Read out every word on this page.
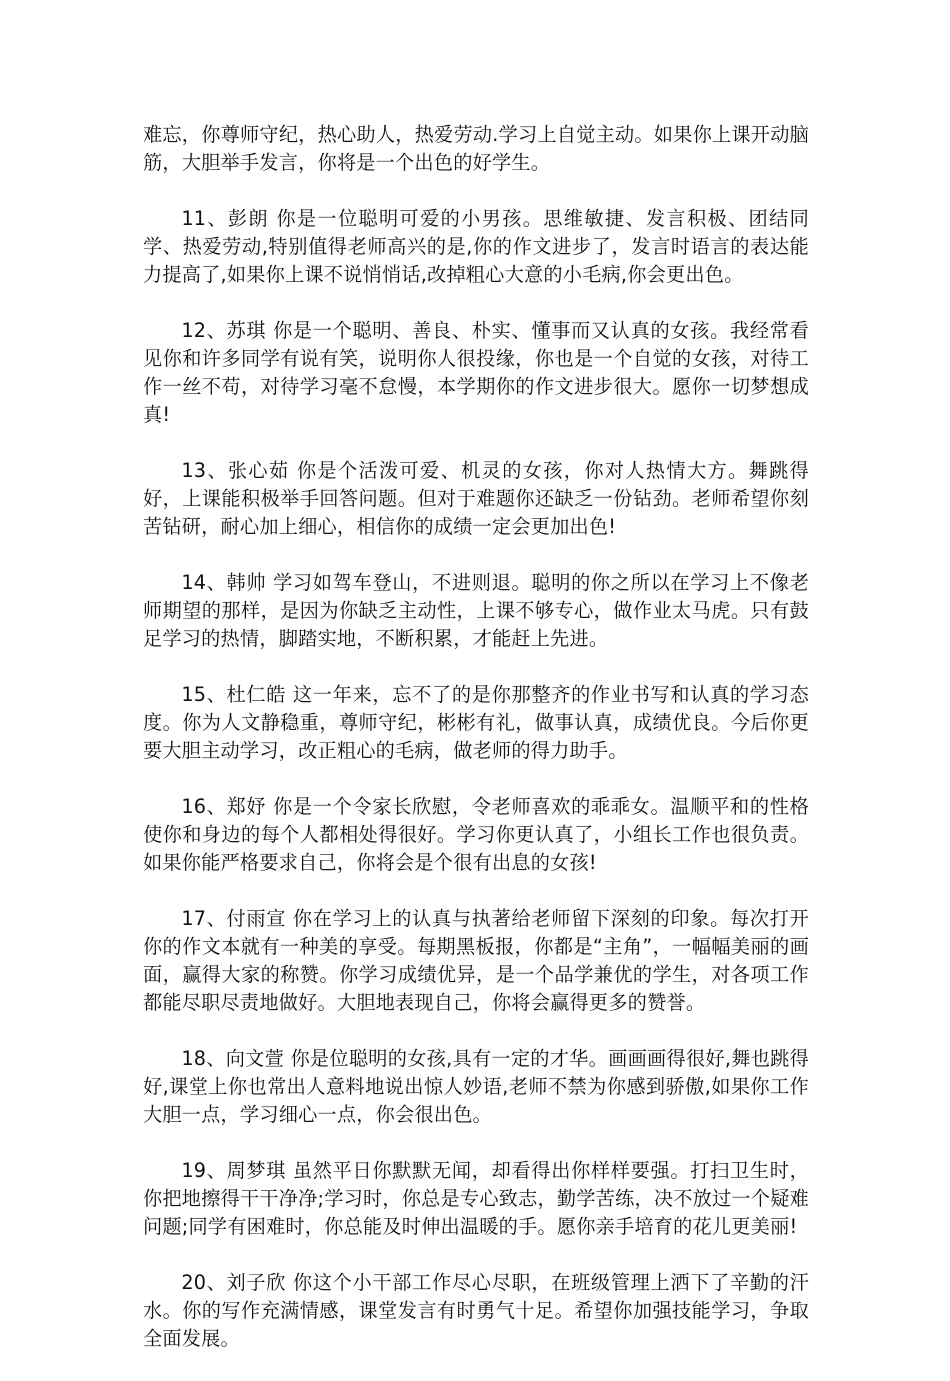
难忘，你尊师守纪，热心助人，热爱劳动.学习上自觉主动。如果你上课开动脑筋，大胆举手发言，你将是一个出色的好学生。

11、彭朗 你是一位聪明可爱的小男孩。思维敏捷、发言积极、团结同学、热爱劳动,特别值得老师高兴的是,你的作文进步了，发言时语言的表达能力提高了,如果你上课不说悄悄话,改掉粗心大意的小毛病,你会更出色。

12、苏琪 你是一个聪明、善良、朴实、懂事而又认真的女孩。我经常看见你和许多同学有说有笑，说明你人很投缘，你也是一个自觉的女孩，对待工作一丝不苟，对待学习毫不怠慢，本学期你的作文进步很大。愿你一切梦想成真!

13、张心茹 你是个活泼可爱、机灵的女孩，你对人热情大方。舞跳得好，上课能积极举手回答问题。但对于难题你还缺乏一份钻劲。老师希望你刻苦钻研，耐心加上细心，相信你的成绩一定会更加出色!

14、韩帅 学习如驾车登山，不进则退。聪明的你之所以在学习上不像老师期望的那样，是因为你缺乏主动性，上课不够专心，做作业太马虎。只有鼓足学习的热情，脚踏实地，不断积累，才能赶上先进。

15、杜仁皓 这一年来，忘不了的是你那整齐的作业书写和认真的学习态度。你为人文静稳重，尊师守纪，彬彬有礼，做事认真，成绩优良。今后你更要大胆主动学习，改正粗心的毛病，做老师的得力助手。

16、郑妤 你是一个令家长欣慰，令老师喜欢的乖乖女。温顺平和的性格使你和身边的每个人都相处得很好。学习你更认真了，小组长工作也很负责。如果你能严格要求自己，你将会是个很有出息的女孩!

17、付雨宣 你在学习上的认真与执著给老师留下深刻的印象。每次打开你的作文本就有一种美的享受。每期黑板报，你都是“主角”，一幅幅美丽的画面，赢得大家的称赞。你学习成绩优异，是一个品学兼优的学生，对各项工作都能尽职尽责地做好。大胆地表现自己，你将会赢得更多的赞誉。

18、向文萱 你是位聪明的女孩,具有一定的才华。画画画得很好,舞也跳得好,课堂上你也常出人意料地说出惊人妙语,老师不禁为你感到骄傲,如果你工作大胆一点，学习细心一点，你会很出色。

19、周梦琪 虽然平日你默默无闻，却看得出你样样要强。打扫卫生时，你把地擦得干干净净;学习时，你总是专心致志，勤学苦练，决不放过一个疑难问题;同学有困难时，你总能及时伸出温暖的手。愿你亲手培育的花儿更美丽!

20、刘子欣 你这个小干部工作尽心尽职，在班级管理上洒下了辛勤的汗水。你的写作充满情感，课堂发言有时勇气十足。希望你加强技能学习，争取全面发展。
